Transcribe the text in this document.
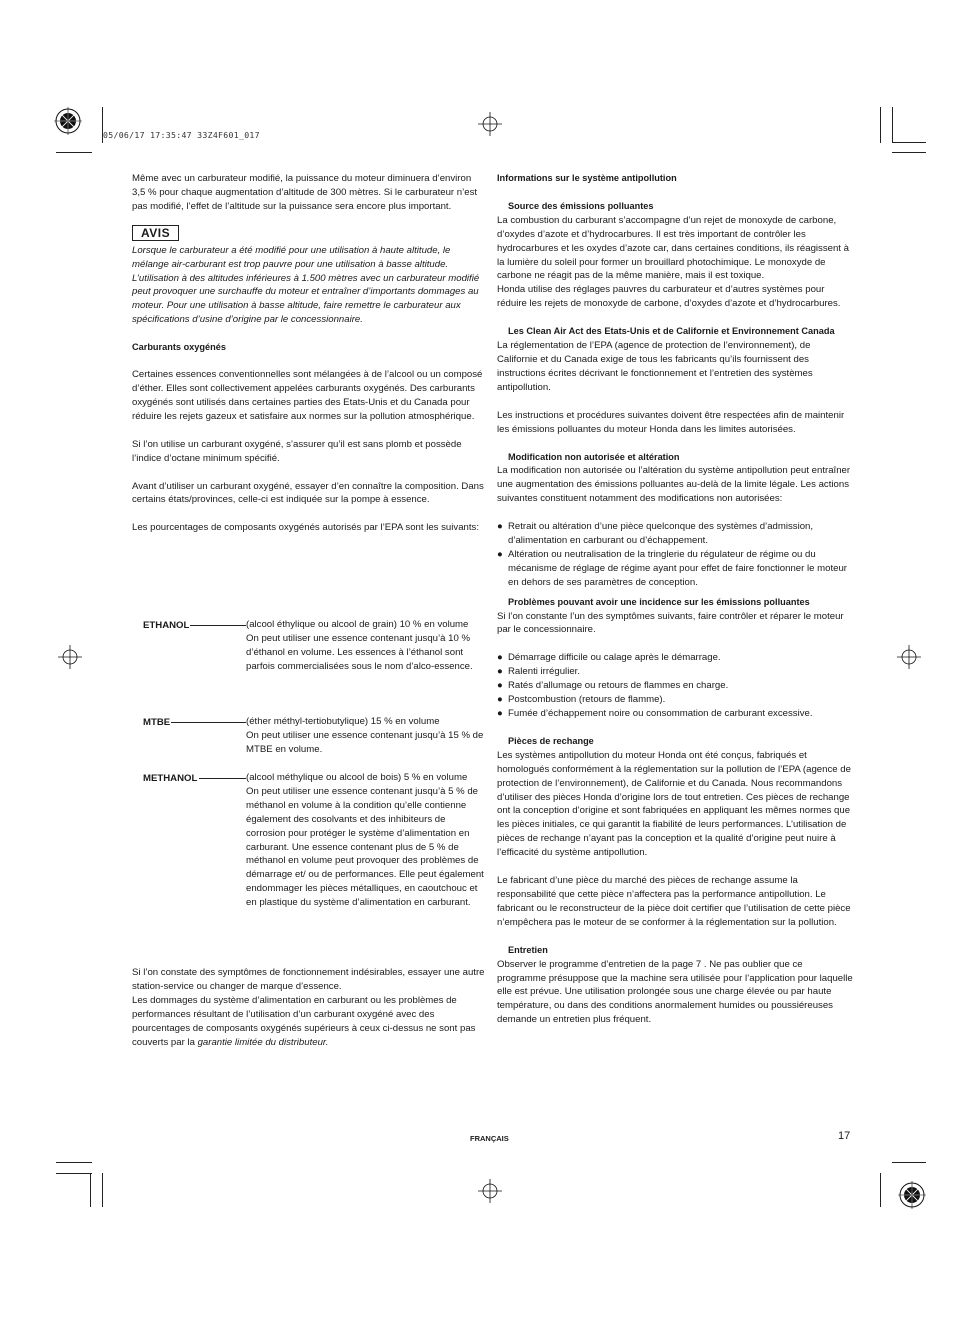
05/06/17 17:35:47 33Z4F601_017

Même avec un carburateur modifié, la puissance du moteur diminuera d’environ 3,5 % pour chaque augmentation d’altitude de 300 mètres. Si le carburateur n’est pas modifié, l’effet de l’altitude sur la puissance sera encore plus important.

AVIS

Lorsque le carburateur a été modifié pour une utilisation à haute altitude, le mélange air-carburant est trop pauvre pour une utilisation à basse altitude. L’utilisation à des altitudes inférieures à 1.500 mètres avec un carburateur modifié peut provoquer une surchauffe du moteur et entraîner d’importants dommages au moteur. Pour une utilisation à basse altitude, faire remettre le carburateur aux spécifications d’usine d’origine par le concessionnaire.

Carburants oxygénés

Certaines essences conventionnelles sont mélangées à de l’alcool ou un composé d’éther. Elles sont collectivement appelées carburants oxygénés. Des carburants oxygénés sont utilisés dans certaines parties des Etats-Unis et du Canada pour réduire les rejets gazeux et satisfaire aux normes sur la pollution atmosphérique.

Si l’on utilise un carburant oxygéné, s’assurer qu’il est sans plomb et possède l’indice d’octane minimum spécifié.

Avant d’utiliser un carburant oxygéné, essayer d’en connaître la composition. Dans certains états/provinces, celle-ci est indiquée sur la pompe à essence.

Les pourcentages de composants oxygénés autorisés par l’EPA sont les suivants:

ETHANOL	(alcool éthylique ou alcool de grain) 10 % en volume

On peut utiliser une essence contenant jusqu’à 10 % d’éthanol en volume. Les essences à l’éthanol sont parfois commercialisées sous le nom d’alco-essence.

MTBE	(éther méthyl-tertiobutylique) 15 % en volume

On peut utiliser une essence contenant jusqu’à 15 % de MTBE en volume.

METHANOL	(alcool méthylique ou alcool de bois) 5 % en volume

On peut utiliser une essence contenant jusqu’à 5 % de méthanol en volume à la condition qu’elle contienne également des cosolvants et des inhibiteurs de corrosion pour protéger le système d’alimentation en carburant. Une essence contenant plus de 5 % de méthanol en volume peut provoquer des problèmes de démarrage et/ ou de performances. Elle peut également endommager les pièces métalliques, en caoutchouc et en plastique du système d’alimentation en carburant.

Si l’on constate des symptômes de fonctionnement indésirables, essayer une autre station-service ou changer de marque d’essence.

Les dommages du système d’alimentation en carburant ou les problèmes de performances résultant de l’utilisation d’un carburant oxygéné avec des pourcentages de composants oxygénés supérieurs à ceux ci-dessus ne sont pas couverts par la garantie limitée du distributeur.

Informations sur le système antipollution

Source des émissions polluantes

La combustion du carburant s’accompagne d’un rejet de monoxyde de carbone, d’oxydes d’azote et d’hydrocarbures. Il est très important de contrôler les hydrocarbures et les oxydes d’azote car, dans certaines conditions, ils réagissent à la lumière du soleil pour former un brouillard photochimique. Le monoxyde de carbone ne réagit pas de la même manière, mais il est toxique.

Honda utilise des réglages pauvres du carburateur et d’autres systèmes pour réduire les rejets de monoxyde de carbone, d’oxydes d’azote et d’hydrocarbures.

Les Clean Air Act des Etats-Unis et de Californie et Environnement Canada

La réglementation de l’EPA (agence de protection de l’environnement), de Californie et du Canada exige de tous les fabricants qu’ils fournissent des instructions écrites décrivant le fonctionnement et l’entretien des systèmes antipollution.

Les instructions et procédures suivantes doivent être respectées afin de maintenir les émissions polluantes du moteur Honda dans les limites autorisées.

Modification non autorisée et altération

La modification non autorisée ou l’altération du système antipollution peut entraîner une augmentation des émissions polluantes au-delà de la limite légale. Les actions suivantes constituent notamment des modifications non autorisées:

● Retrait ou altération d’une pièce quelconque des systèmes d’admission, d’alimentation en carburant ou d’échappement.
● Altération ou neutralisation de la tringlerie du régulateur de régime ou du mécanisme de réglage de régime ayant pour effet de faire fonctionner le moteur en dehors de ses paramètres de conception.

Problèmes pouvant avoir une incidence sur les émissions polluantes

Si l’on constante l’un des symptômes suivants, faire contrôler et réparer le moteur par le concessionnaire.

● Démarrage difficile ou calage après le démarrage.
● Ralenti irrégulier.
● Ratés d’allumage ou retours de flammes en charge.
● Postcombustion (retours de flamme).
● Fumée d’échappement noire ou consommation de carburant excessive.

Pièces de rechange

Les systèmes antipollution du moteur Honda ont été conçus, fabriqués et homologués conformément à la réglementation sur la pollution de l’EPA (agence de protection de l’environnement), de Californie et du Canada. Nous recommandons d’utiliser des pièces Honda d’origine lors de tout entretien. Ces pièces de rechange ont la conception d’origine et sont fabriquées en appliquant les mêmes normes que les pièces initiales, ce qui garantit la fiabilité de leurs performances. L’utilisation de pièces de rechange n’ayant pas la conception et la qualité d’origine peut nuire à l’efficacité du système antipollution.

Le fabricant d’une pièce du marché des pièces de rechange assume la responsabilité que cette pièce n’affectera pas la performance antipollution. Le fabricant ou le reconstructeur de la pièce doit certifier que l’utilisation de cette pièce n’empêchera pas le moteur de se conformer à la réglementation sur la pollution.

Entretien

Observer le programme d’entretien de la page 7 . Ne pas oublier que ce programme présuppose que la machine sera utilisée pour l’application pour laquelle elle est prévue. Une utilisation prolongée sous une charge élevée ou par haute température, ou dans des conditions anormalement humides ou poussiéreuses demande un entretien plus fréquent.

FRANÇAIS	17
